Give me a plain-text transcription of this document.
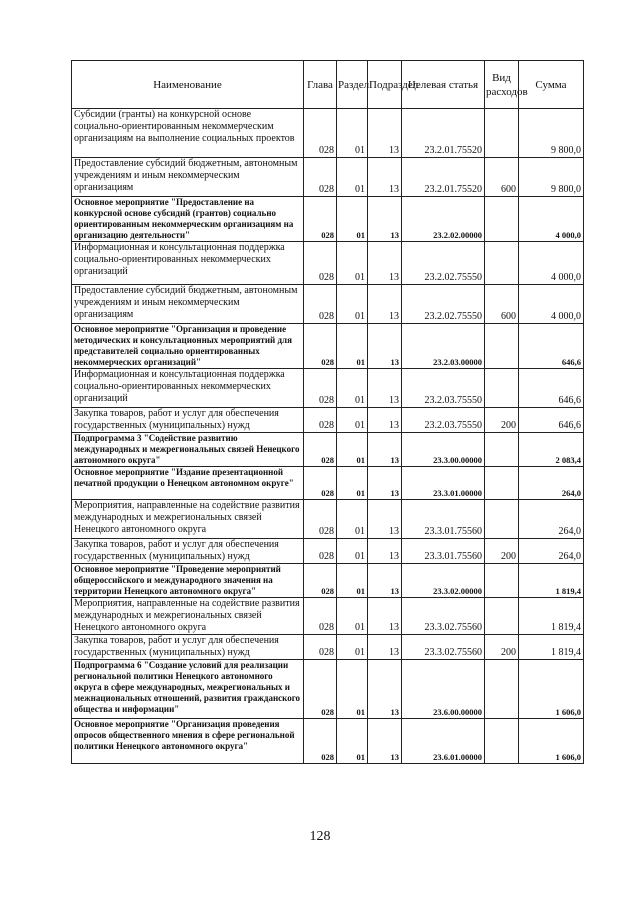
Наименование	Глава	Раздел	Подраздел	Целевая статья	Вид расходов	Сумма
Субсидии (гранты) на конкурсной основе социально-ориентированным некоммерческим организациям на выполнение социальных проектов	028	01	13	23.2.01.75520		9 800,0
Предоставление субсидий бюджетным, автономным учреждениям и иным некоммерческим организациям	028	01	13	23.2.01.75520	600	9 800,0
Основное мероприятие "Предоставление на конкурсной основе субсидий (грантов) социально ориентированным некоммерческим организациям на организацию деятельности"	028	01	13	23.2.02.00000		4 000,0
Информационная и консультационная поддержка социально-ориентированных некоммерческих организаций	028	01	13	23.2.02.75550		4 000,0
Предоставление субсидий бюджетным, автономным учреждениям и иным некоммерческим организациям	028	01	13	23.2.02.75550	600	4 000,0
Основное мероприятие "Организация и проведение методических и консультационных мероприятий для представителей социально ориентированных некоммерческих организаций"	028	01	13	23.2.03.00000		646,6
Информационная и консультационная поддержка социально-ориентированных некоммерческих организаций	028	01	13	23.2.03.75550		646,6
Закупка товаров, работ и услуг для обеспечения государственных (муниципальных) нужд	028	01	13	23.2.03.75550	200	646,6
Подпрограмма 3 "Содействие развитию международных и межрегиональных связей Ненецкого автономного округа"	028	01	13	23.3.00.00000		2 083,4
Основное мероприятие "Издание презентационной печатной продукции о Ненецком автономном округе"	028	01	13	23.3.01.00000		264,0
Мероприятия, направленные на содействие развития международных и межрегиональных связей Ненецкого автономного округа	028	01	13	23.3.01.75560		264,0
Закупка товаров, работ и услуг для обеспечения государственных (муниципальных) нужд	028	01	13	23.3.01.75560	200	264,0
Основное мероприятие "Проведение мероприятий общероссийского и международного значения на территории Ненецкого автономного округа"	028	01	13	23.3.02.00000		1 819,4
Мероприятия, направленные на содействие развития международных и межрегиональных связей Ненецкого автономного округа	028	01	13	23.3.02.75560		1 819,4
Закупка товаров, работ и услуг для обеспечения государственных (муниципальных) нужд	028	01	13	23.3.02.75560	200	1 819,4
Подпрограмма 6 "Создание условий для реализации региональной политики Ненецкого автономного округа в сфере международных, межрегиональных и межнациональных отношений, развития гражданского общества и информации"	028	01	13	23.6.00.00000		1 606,0
Основное мероприятие "Организация проведения опросов общественного мнения в сфере региональной политики Ненецкого автономного округа"	028	01	13	23.6.01.00000		1 606,0
128
